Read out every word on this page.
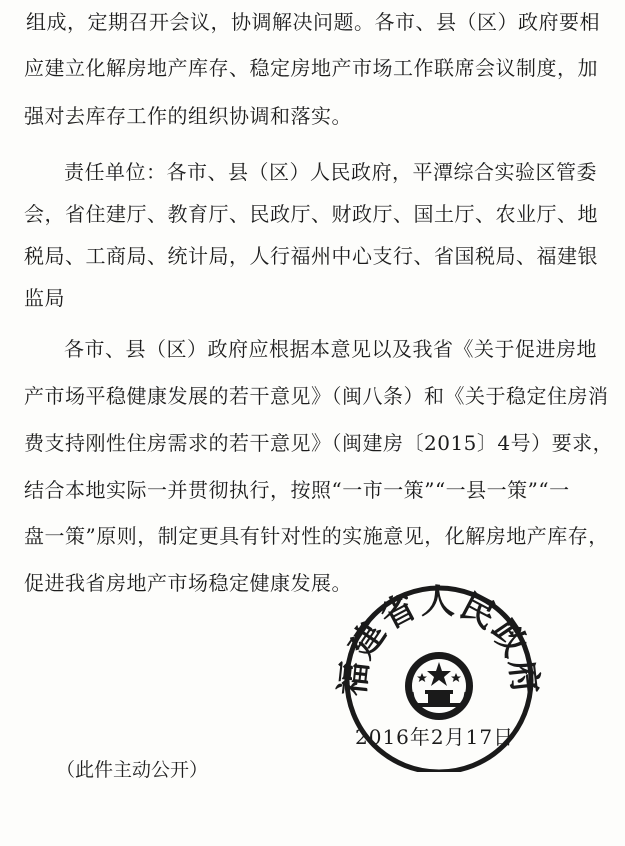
组成，定期召开会议，协调解决问题。各市、县（区）政府要相
应建立化解房地产库存、稳定房地产市场工作联席会议制度，加
强对去库存工作的组织协调和落实。
责任单位：各市、县（区）人民政府，平潭综合实验区管委
会，省住建厅、教育厅、民政厅、财政厅、国土厅、农业厅、地
税局、工商局、统计局，人行福州中心支行、省国税局、福建银
监局
各市、县（区）政府应根据本意见以及我省《关于促进房地
产市场平稳健康发展的若干意见》（闽八条）和《关于稳定住房消
费支持刚性住房需求的若干意见》（闽建房〔2015〕4号）要求，
结合本地实际一并贯彻执行，按照“一市一策”“一县一策”“一
盘一策”原则，制定更具有针对性的实施意见，化解房地产库存，
促进我省房地产市场稳定健康发展。
福建省人民政府
2016年2月17日
（此件主动公开）
